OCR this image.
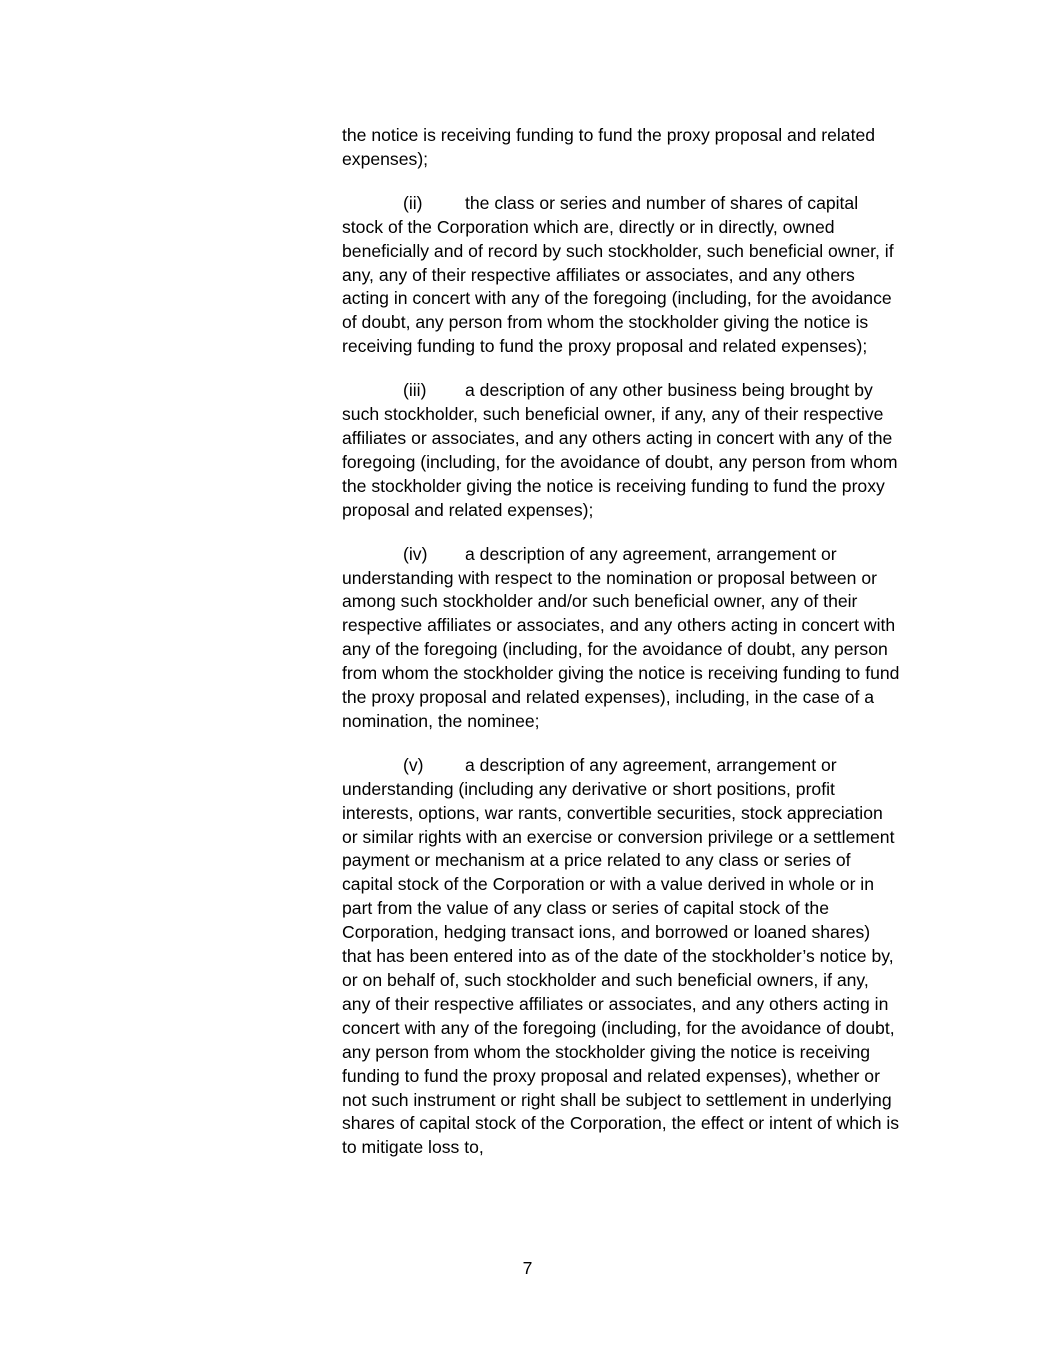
the notice is receiving funding to fund the proxy proposal and related expenses);

(ii) the class or series and number of shares of capital stock of the Corporation which are, directly or in directly, owned beneficially and of record by such stockholder, such beneficial owner, if any, any of their respective affiliates or associates, and any others acting in concert with any of the foregoing (including, for the avoidance of doubt, any person from whom the stockholder giving the notice is receiving funding to fund the proxy proposal and related expenses);

(iii) a description of any other business being brought by such stockholder, such beneficial owner, if any, any of their respective affiliates or associates, and any others acting in concert with any of the foregoing (including, for the avoidance of doubt, any person from whom the stockholder giving the notice is receiving funding to fund the proxy proposal and related expenses);

(iv) a description of any agreement, arrangement or understanding with respect to the nomination or proposal between or among such stockholder and/or such beneficial owner, any of their respective affiliates or associates, and any others acting in concert with any of the foregoing (including, for the avoidance of doubt, any person from whom the stockholder giving the notice is receiving funding to fund the proxy proposal and related expenses), including, in the case of a nomination, the nominee;

(v) a description of any agreement, arrangement or understanding (including any derivative or short positions, profit interests, options, war rants, convertible securities, stock appreciation or similar rights with an exercise or conversion privilege or a settlement payment or mechanism at a price related to any class or series of capital stock of the Corporation or with a value derived in whole or in part from the value of any class or series of capital stock of the Corporation, hedging transact ions, and borrowed or loaned shares) that has been entered into as of the date of the stockholder’s notice by, or on behalf of, such stockholder and such beneficial owners, if any, any of their respective affiliates or associates, and any others acting in concert with any of the foregoing (including, for the avoidance of doubt, any person from whom the stockholder giving the notice is receiving funding to fund the proxy proposal and related expenses), whether or not such instrument or right shall be subject to settlement in underlying shares of capital stock of the Corporation, the effect or intent of which is to mitigate loss to,

7
